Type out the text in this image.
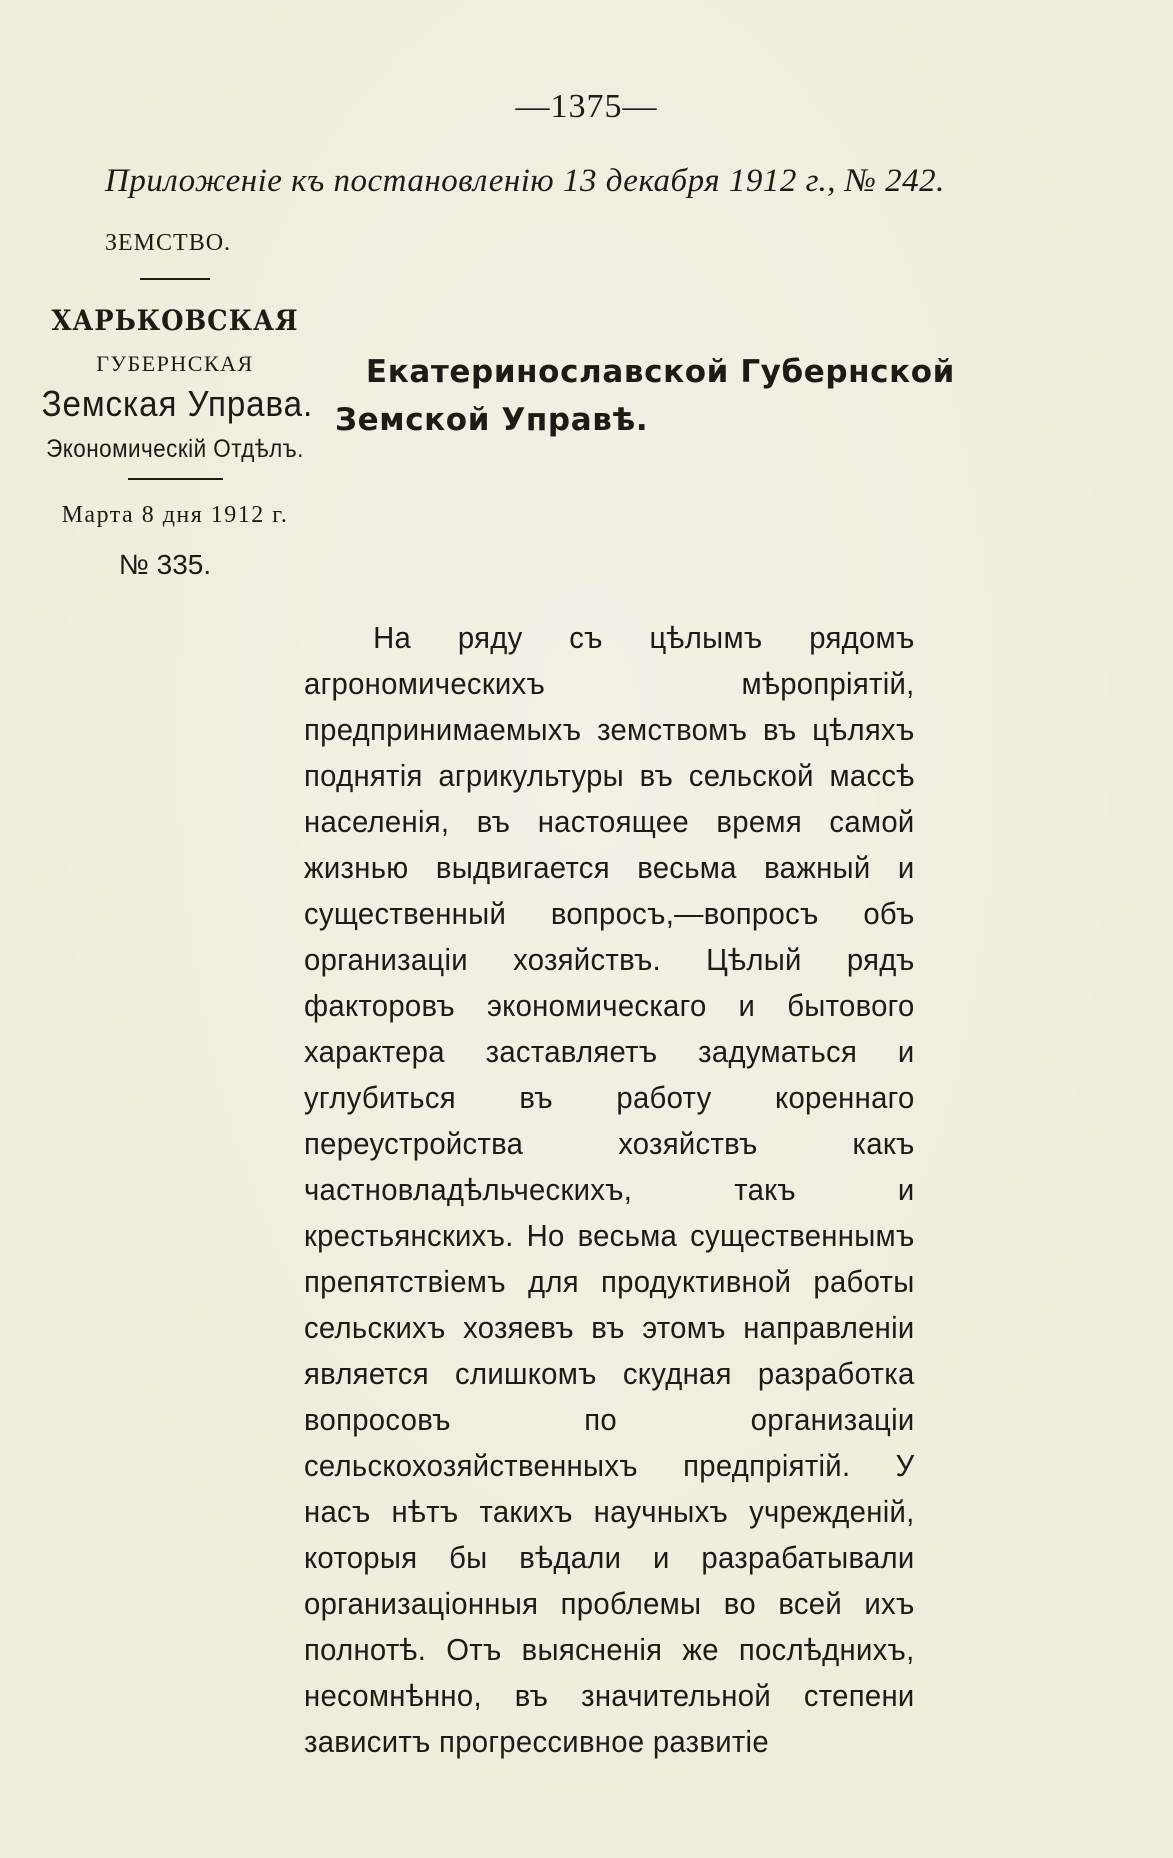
—1375—
Приложеніе къ постановленію 13 декабря 1912 г., № 242.
ЗЕМСТВО.
ХАРЬКОВСКАЯ
ГУБЕРНСКАЯ
Земская Управа.
Экономическій Отдѣлъ.
Марта 8 дня 1912 г.
№ 335.
Екатеринославской Губернской
Земской Управѣ.

На ряду съ цѣлымъ рядомъ агрономическихъ мѣропріятій, предпринимаемыхъ земствомъ въ цѣляхъ поднятія агрикультуры въ сельской массѣ населенія, въ настоящее время самой жизнью выдвигается весьма важный и существенный вопросъ,—вопросъ объ организаціи хозяйствъ. Цѣлый рядъ факторовъ экономическаго и бытового характера заставляетъ задуматься и углубиться въ работу кореннаго переустройства хозяйствъ какъ частновладѣльческихъ, такъ и крестьянскихъ. Но весьма существеннымъ препятствіемъ для продуктивной работы сельскихъ хозяевъ въ этомъ направленіи является слишкомъ скудная разработка вопросовъ по организаціи сельскохозяйственныхъ предпріятій. У насъ нѣтъ такихъ научныхъ учрежденій, которыя бы вѣдали и разрабатывали организаціонныя проблемы во всей ихъ полнотѣ. Отъ выясненія же послѣднихъ, несомнѣнно, въ значительной степени зависитъ прогрессивное развитіе
